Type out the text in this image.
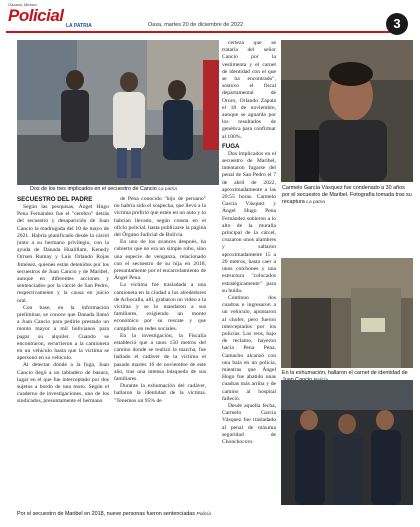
Oaxaca, Mexico
Policial
LA PATRIA	Oaxa, martes 20 de diciembre de 2022	3
Dos de los tres implicados en el secuestro de Cancio La patria	Carmelo García Vásquez fue condenado a 30 años por el secuestro de Maribel. Fotografía tomada tras su recaptura La patria
En la exhumación, hallaron el carnet de identidad de
Por el secuestro de Maribel en 2018, nueve personas fueron sentenciadas Policía
SECUESTRO DEL PADRE

Según las pesquisas, Ángel Hugo Pena Fernández fue el "cerebro" detrás del secuestro y desaparición de Juan Cancio la madrugada del 10 de mayo de 2021. Habría planificado desde la cárcel junto a su hermano privilegio, con la ayuda de Danada Hualillam, Kenedy Orrsen Rumay y Luis Orlando Rojas Jiménez, quienes están detenidos por los secuestros de Juan Cancio y de Maribel, aunque en diferentes acciones y sentenciados por la cárcel de San Pedro, respectivamente y la causa en juicio oral.

Con base, en la información preliminar, se conoce que Danada llamó a Juan Cancio para pedirle prestado un monto mayor a mil bolivianos para pagar su alquiler. Cuando se encontraron, recurrieron a la camioneta en un vehículo hasta que la víctima se apersonó en su vehículo.

Al detectar dónde a la fuga, Juan Cancio llegó a un tabladero de basura, lugar en el que fue interceptado por dos sujetos a bordo de una moto. Según el cuaderno de investigaciones, uno de los sindicados, presuntamente el hermano

de Pena conocido "hijo de peruano" no habría sido el sospecha, que llevó a la víctima prefirió que estén en un auto y lo habrían llevado, según consta en el oficio policial, hasta publicarse la página del Órgano Judicial de Bolivia.

En uno de los avances después, ha cubierto que no era un simple robo, sino una especie de venganza, relacionado con el secuestro de su hija en 2018, presuntamente por el encarcelamiento de Ángel Pena.

La víctima fue trasladada a una camioneta en la ciudad a los alrededores de Achocalla, allí, grabaron un video a la víctima y se lo mandaron a sus familiares, exigiendo un monto económico por su rescate y que cumplirán en redes sociales.

En la investigación, la Fiscalía estableció que a unos 150 metros del camino donde se realizó la marcha, fue hallado el cadáver de la víctima el pasado martes 16 de noviembre de este año, tras una intensa búsqueda de sus familiares.

Durante la exhumación del cadáver, hallaron la identidad de la víctima. "Tenemos un 95% de

certeza que se trataría del señor Cancio por la vestimenta y el carnet de identidad con el que se ha encontrado", sostuvo el fiscal departamental de Oruro, Orlando Zapata el 18 de noviembre, aunque se aguarda por los resultados de genética para confirmar al 100%.

FUGA

Dos implicados en el secuestro de Maribel, intentaron fugarse del penal de San Pedro el 7 de abril de 2022, aproximadamente a las 20:55 horas. Carmelo García Vásquez y Ángel Hugo Pena Fernández subieron a lo alto de la muralla principal de la cárcel, cruzaron unos alambres y saltaron aproximadamente 15 a 20 metros, hasta caer a unos colchones y una estructura "colocados estratégicamente" para su huida.

Continuo dos cuadras e ingresaron a un vehículo, apuntaron al chofer, pero fueron interceptados por los policías. Los reos, bajo de reclamo, hayeron hacia Pena Pena. Camacho alcanzó con una bala en un policía, mientras que Ángel Hugo fue abatido unas cuadras más arriba y de camino al hospital falleció.

Desde aquella fecha, Carmelo García Vásquez fue trasladado al penal de máxima seguridad de Chonchocoro.
